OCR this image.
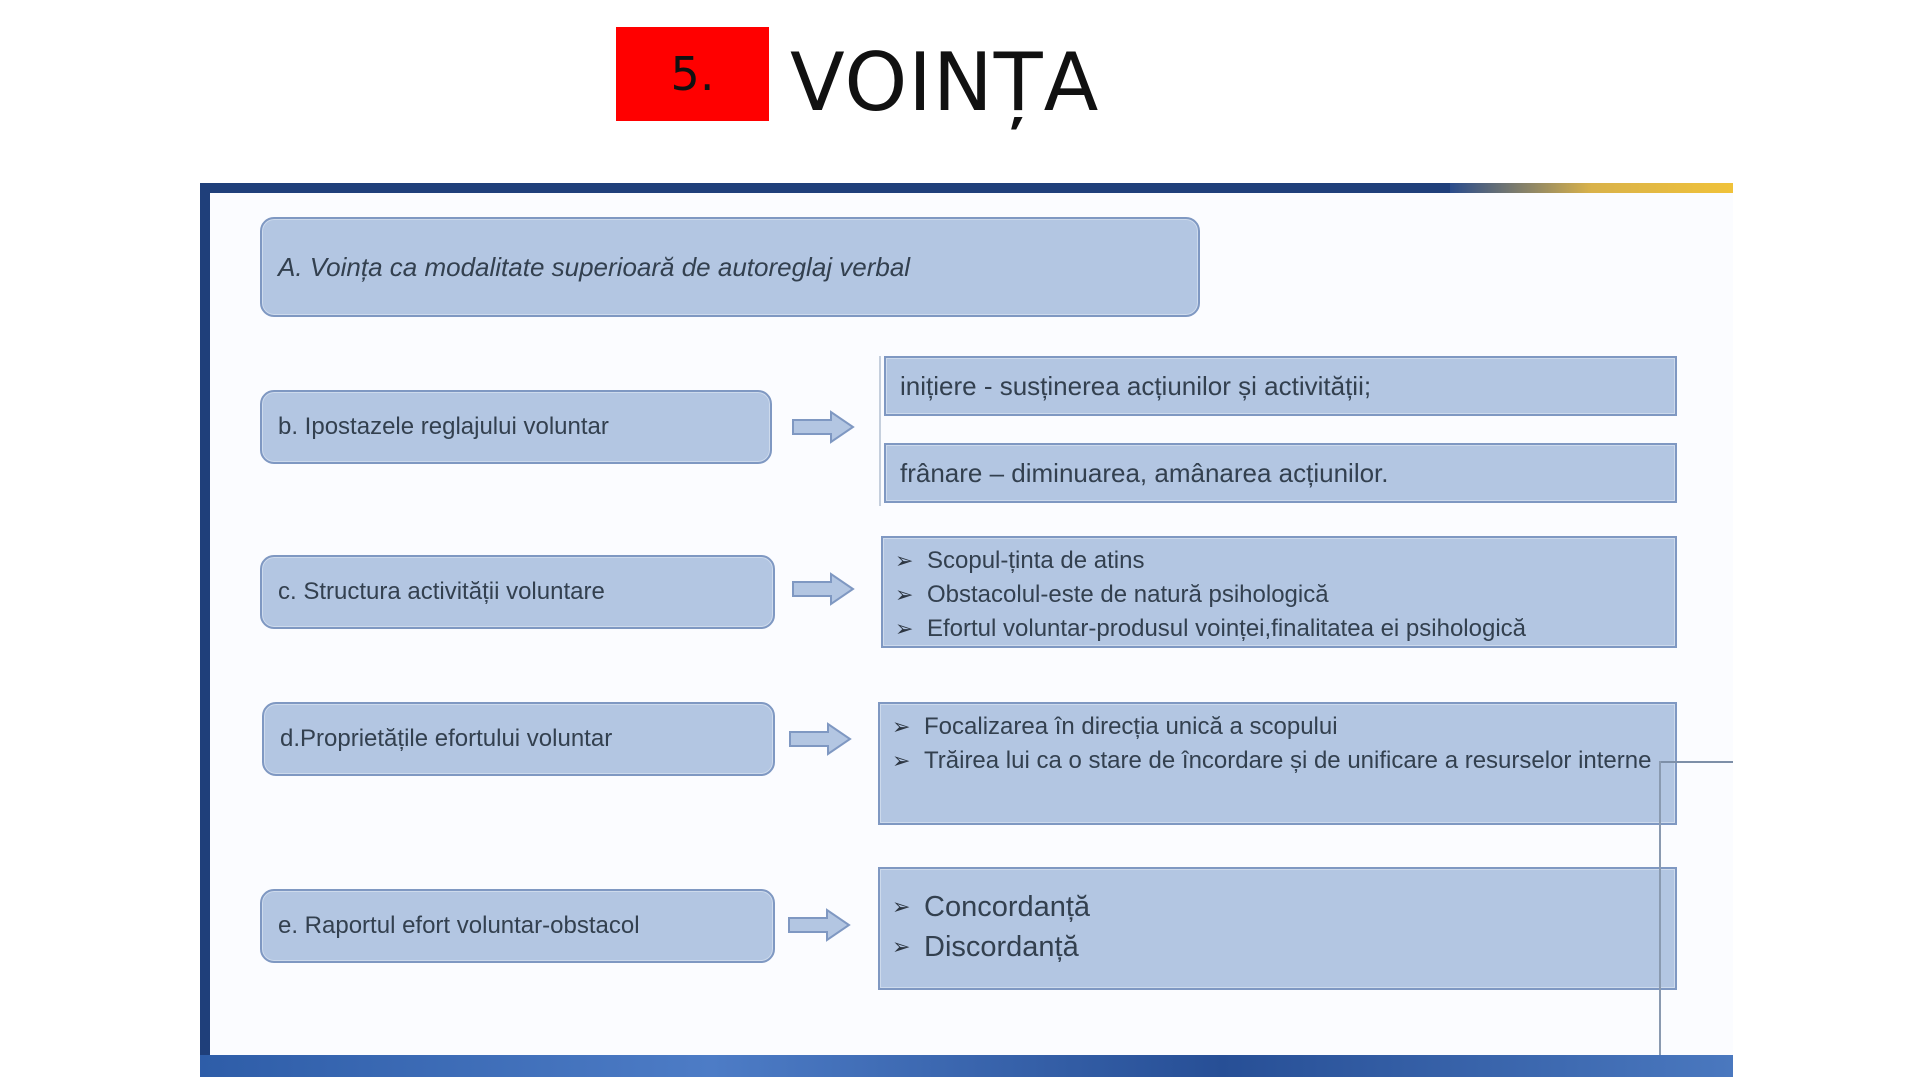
5. VOINȚA
A. Voința ca modalitate superioară de autoreglaj verbal
b. Ipostazele reglajului voluntar
inițiere - susținerea acțiunilor și activității;
frânare – diminuarea, amânarea acțiunilor.
c. Structura activității voluntare
➢ Scopul-ținta de atins
➢ Obstacolul-este de natură psihologică
➢ Efortul voluntar-produsul voinței,finalitatea ei psihologică
d.Proprietățile efortului voluntar	➢ Focalizarea în direcția unică a scopului
➢ Trăirea lui ca o stare de încordare și de unificare a resurselor interne
e. Raportul efort voluntar-obstacol
➢ Concordanță
➢ Discordanță
